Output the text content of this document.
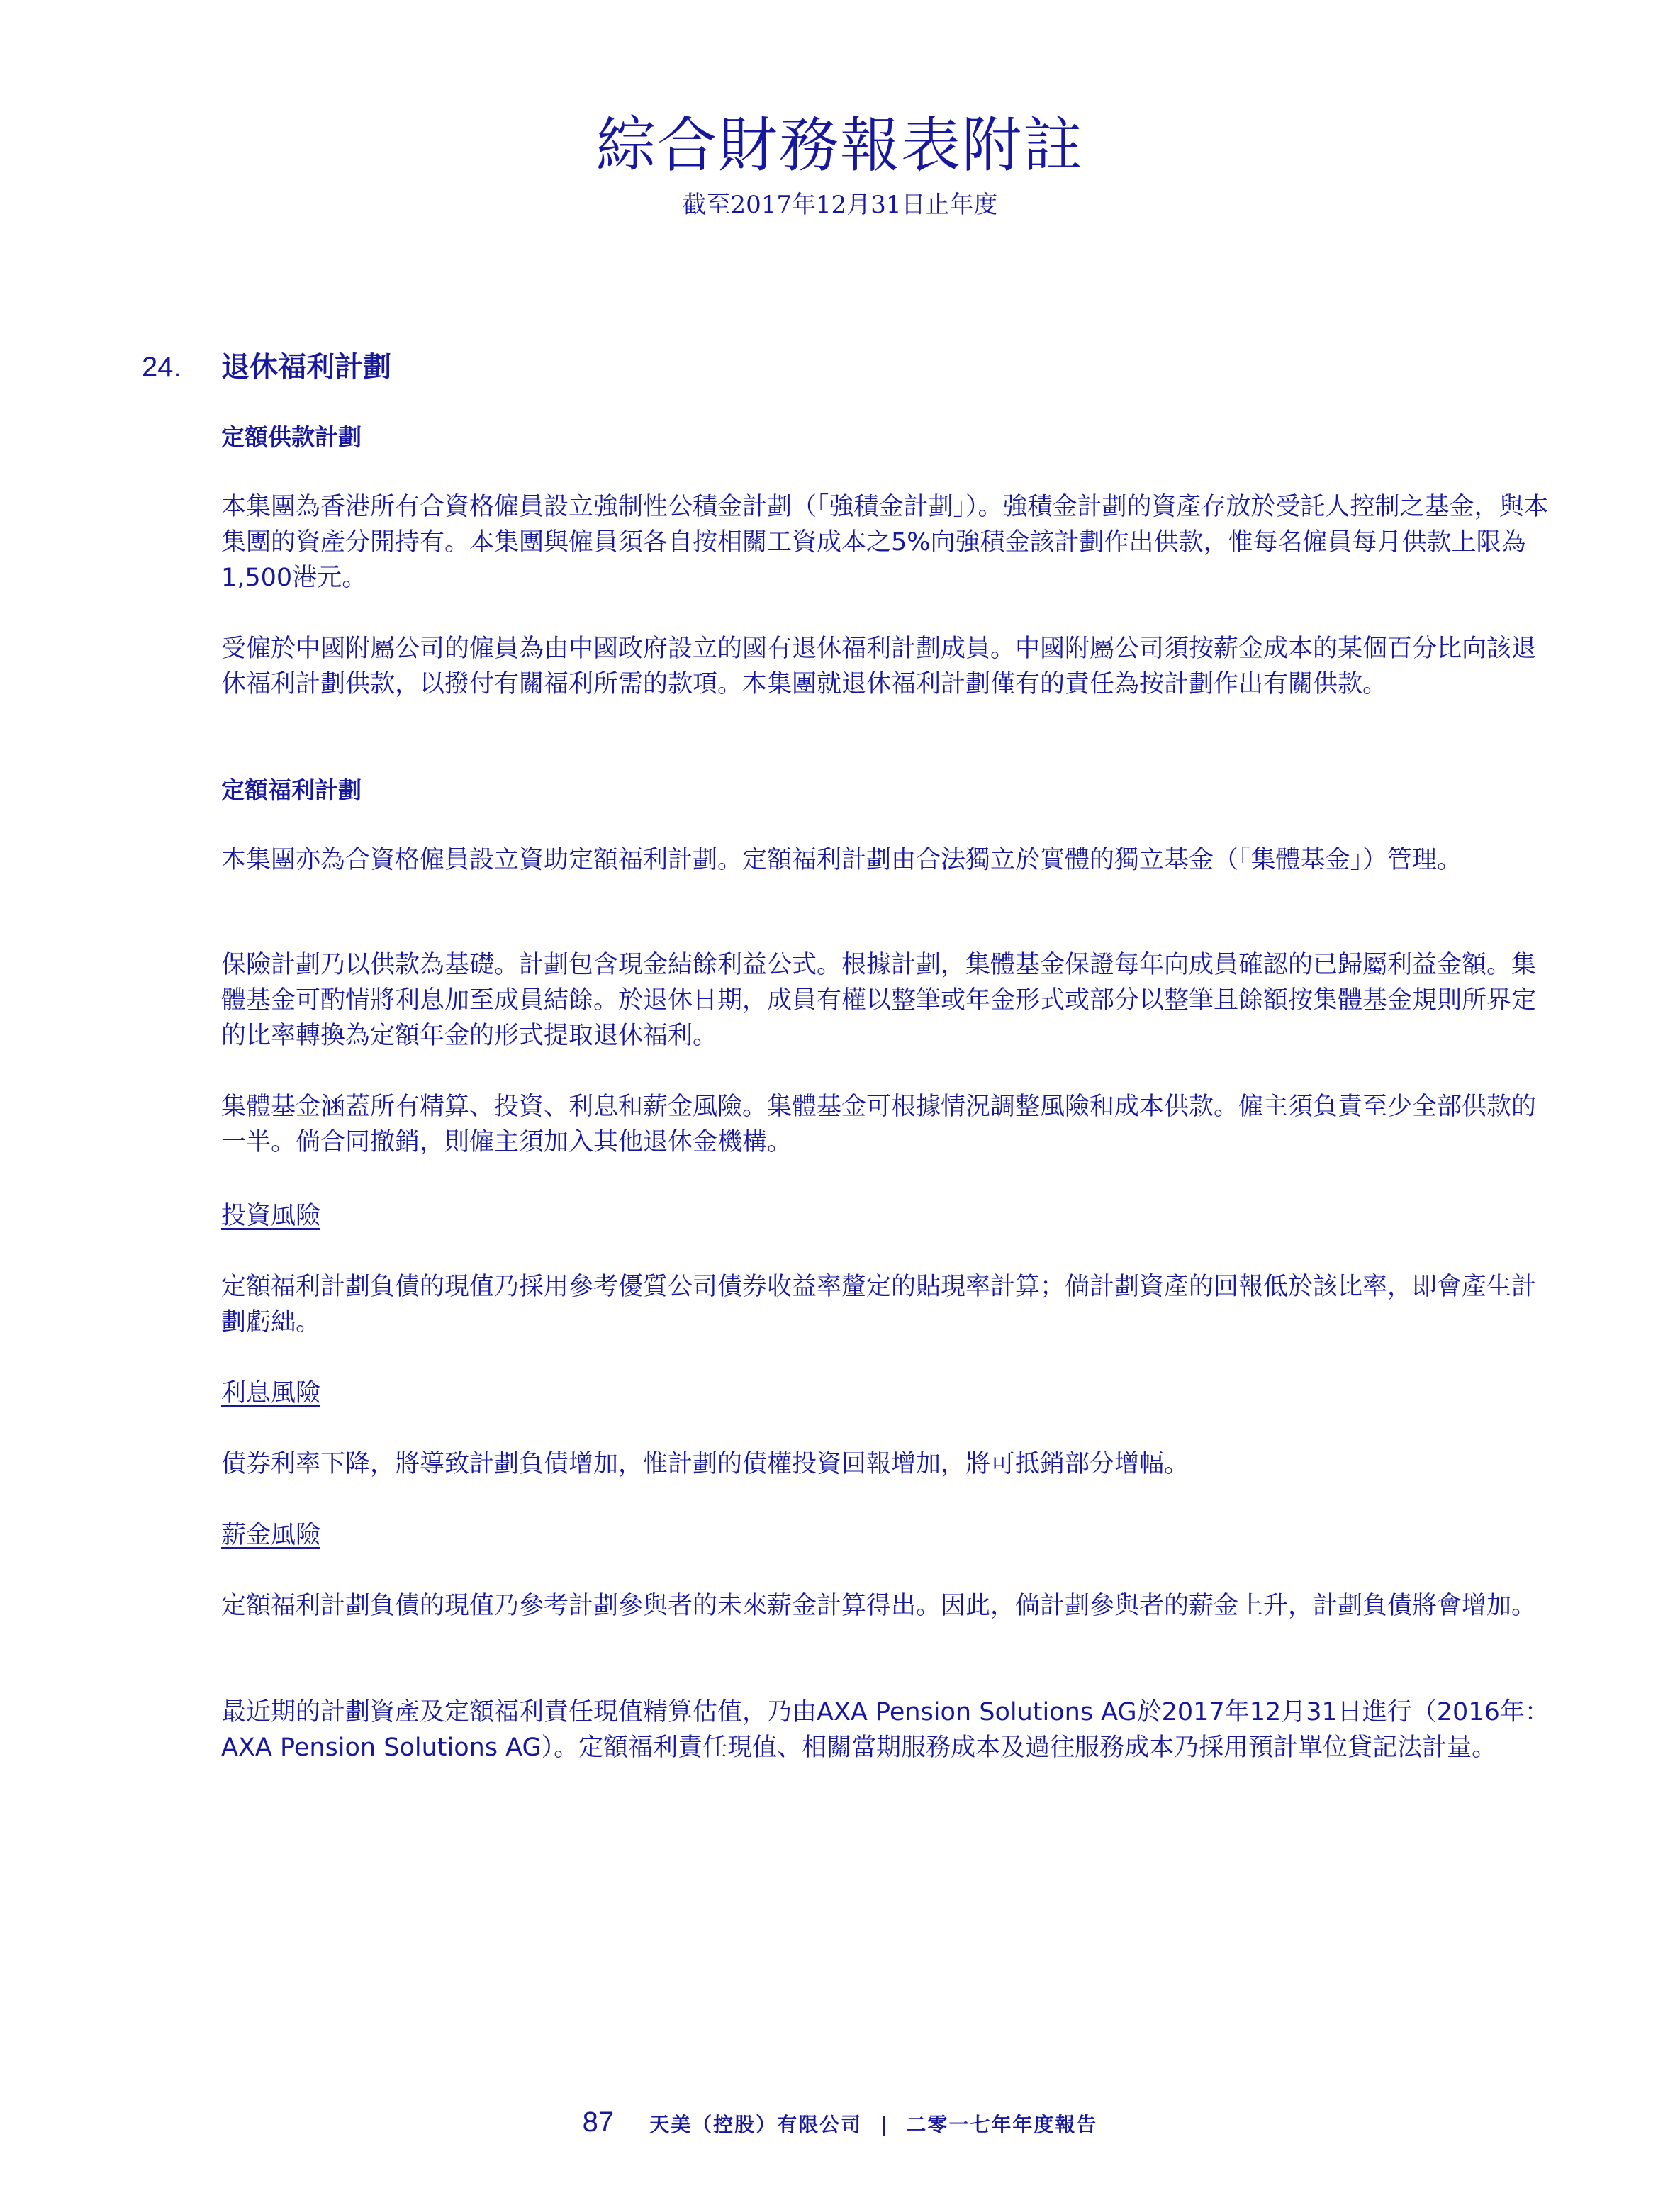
綜合財務報表附註
截至2017年12月31日止年度
24. 退休福利計劃
定額供款計劃

本集團為香港所有合資格僱員設立強制性公積金計劃（「強積金計劃」）。強積金計劃的資產存放於受託人控制之基金，與本集團的資產分開持有。本集團與僱員須各自按相關工資成本之5%向強積金該計劃作出供款，惟每名僱員每月供款上限為1,500港元。

受僱於中國附屬公司的僱員為由中國政府設立的國有退休福利計劃成員。中國附屬公司須按薪金成本的某個百分比向該退休福利計劃供款，以撥付有關福利所需的款項。本集團就退休福利計劃僅有的責任為按計劃作出有關供款。

定額福利計劃

本集團亦為合資格僱員設立資助定額福利計劃。定額福利計劃由合法獨立於實體的獨立基金（「集體基金」）管理。

保險計劃乃以供款為基礎。計劃包含現金結餘利益公式。根據計劃，集體基金保證每年向成員確認的已歸屬利益金額。集體基金可酌情將利息加至成員結餘。於退休日期，成員有權以整筆或年金形式或部分以整筆且餘額按集體基金規則所界定的比率轉換為定額年金的形式提取退休福利。

集體基金涵蓋所有精算、投資、利息和薪金風險。集體基金可根據情況調整風險和成本供款。僱主須負責至少全部供款的一半。倘合同撤銷，則僱主須加入其他退休金機構。

投資風險

定額福利計劃負債的現值乃採用參考優質公司債券收益率釐定的貼現率計算；倘計劃資產的回報低於該比率，即會產生計劃虧絀。

利息風險

債券利率下降，將導致計劃負債增加，惟計劃的債權投資回報增加，將可抵銷部分增幅。

薪金風險

定額福利計劃負債的現值乃參考計劃參與者的未來薪金計算得出。因此，倘計劃參與者的薪金上升，計劃負債將會增加。

最近期的計劃資產及定額福利責任現值精算估值，乃由AXA Pension Solutions AG於2017年12月31日進行（2016年：AXA Pension Solutions AG）。定額福利責任現值、相關當期服務成本及過往服務成本乃採用預計單位貸記法計量。

87 天美（控股）有限公司 | 二零一七年年度報告
